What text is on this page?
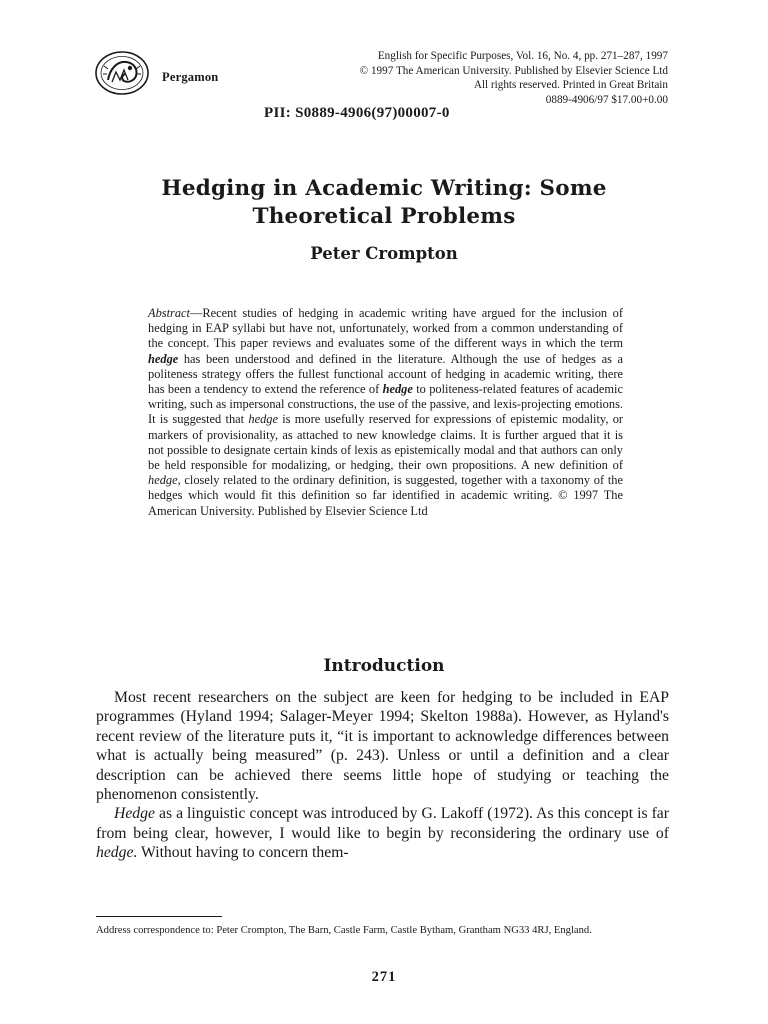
Pergamon
English for Specific Purposes, Vol. 16, No. 4, pp. 271–287, 1997
© 1997 The American University. Published by Elsevier Science Ltd
All rights reserved. Printed in Great Britain
0889-4906/97 $17.00+0.00
PII: S0889-4906(97)00007-0
Hedging in Academic Writing: Some
Theoretical Problems
Peter Crompton
Abstract—Recent studies of hedging in academic writing have argued for the inclusion of hedging in EAP syllabi but have not, unfortunately, worked from a common understanding of the concept. This paper reviews and evaluates some of the different ways in which the term hedge has been understood and defined in the literature. Although the use of hedges as a politeness strategy offers the fullest functional account of hedging in academic writing, there has been a tendency to extend the reference of hedge to politeness-related features of academic writing, such as impersonal constructions, the use of the passive, and lexis-projecting emotions. It is suggested that hedge is more usefully reserved for expressions of epistemic modality, or markers of provisionality, as attached to new knowledge claims. It is further argued that it is not possible to designate certain kinds of lexis as epistemically modal and that authors can only be held responsible for modalizing, or hedging, their own propositions. A new definition of hedge, closely related to the ordinary definition, is suggested, together with a taxonomy of the hedges which would fit this definition so far identified in academic writing. © 1997 The American University. Published by Elsevier Science Ltd
Introduction

Most recent researchers on the subject are keen for hedging to be included in EAP programmes (Hyland 1994; Salager-Meyer 1994; Skelton 1988a). However, as Hyland's recent review of the literature puts it, “it is important to acknowledge differences between what is actually being measured” (p. 243). Unless or until a definition and a clear description can be achieved there seems little hope of studying or teaching the phenomenon consistently.

Hedge as a linguistic concept was introduced by G. Lakoff (1972). As this concept is far from being clear, however, I would like to begin by reconsidering the ordinary use of hedge. Without having to concern them-

Address correspondence to: Peter Crompton, The Barn, Castle Farm, Castle Bytham, Grantham NG33 4RJ, England.
271
